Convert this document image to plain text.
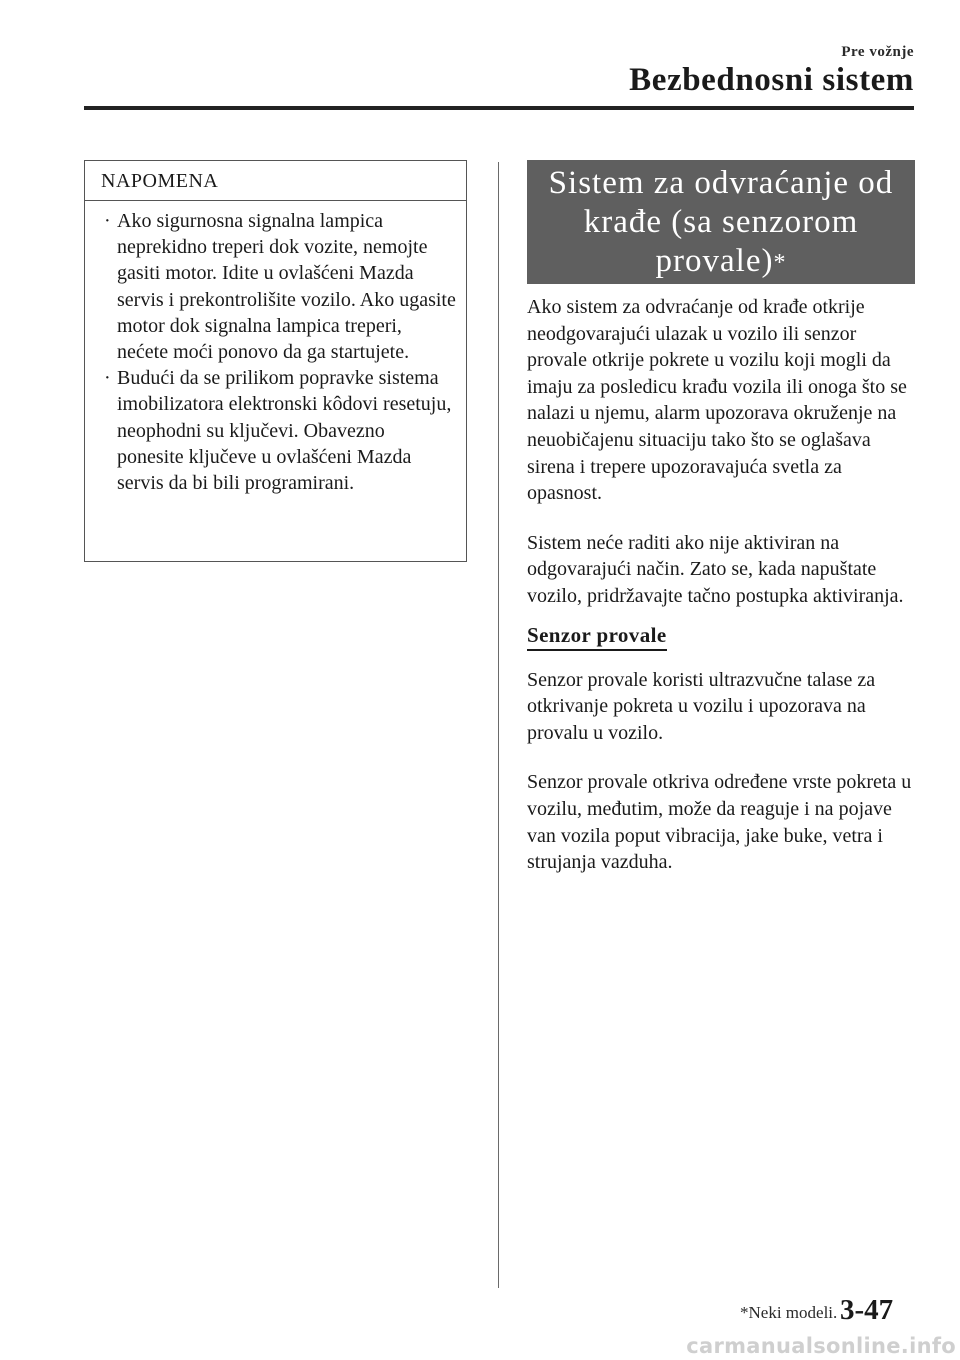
Pre vožnje
Bezbednosni sistem
NAPOMENA
· Ako sigurnosna signalna lampica neprekidno treperi dok vozite, nemojte gasiti motor. Idite u ovlašćeni Mazda servis i prekontrolišite vozilo. Ako ugasite motor dok signalna lampica treperi, nećete moći ponovo da ga startujete.
· Budući da se prilikom popravke sistema imobilizatora elektronski kôdovi resetuju, neophodni su ključevi. Obavezno ponesite ključeve u ovlašćeni Mazda servis da bi bili programirani.
Sistem za odvraćanje od
krađe (sa senzorom
provale)*

Ako sistem za odvraćanje od krađe otkrije neodgovarajući ulazak u vozilo ili senzor provale otkrije pokrete u vozilu koji mogli da imaju za posledicu krađu vozila ili onoga što se nalazi u njemu, alarm upozorava okruženje na neuobičajenu situaciju tako što se oglašava sirena i trepere upozoravajuća svetla za opasnost.

Sistem neće raditi ako nije aktiviran na odgovarajući način. Zato se, kada napuštate vozilo, pridržavajte tačno postupka aktiviranja.

Senzor provale

Senzor provale koristi ultrazvučne talase za otkrivanje pokreta u vozilu i upozorava na provalu u vozilo.

Senzor provale otkriva određene vrste pokreta u vozilu, međutim, može da reaguje i na pojave van vozila poput vibracija, jake buke, vetra i strujanja vazduha.

*Neki modeli. 3-47
carmanualsonline.info
